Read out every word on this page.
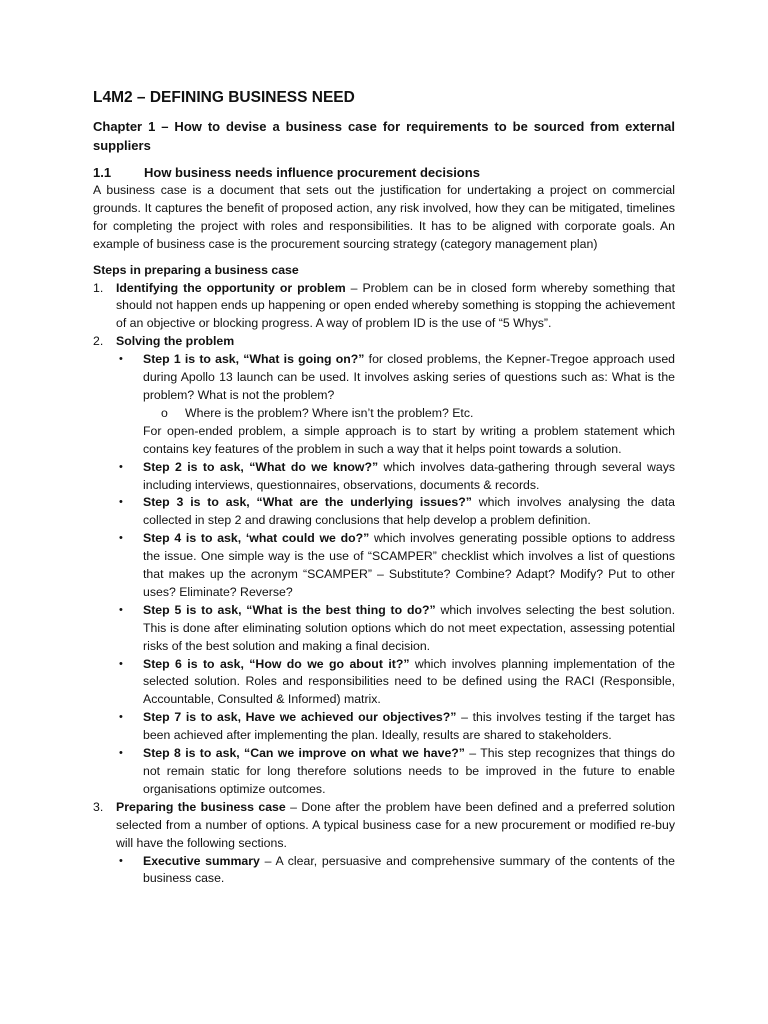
L4M2 – DEFINING BUSINESS NEED

Chapter 1 – How to devise a business case for requirements to be sourced from external suppliers

1.1	How business needs influence procurement decisions

A business case is a document that sets out the justification for undertaking a project on commercial grounds. It captures the benefit of proposed action, any risk involved, how they can be mitigated, timelines for completing the project with roles and responsibilities. It has to be aligned with corporate goals. An example of business case is the procurement sourcing strategy (category management plan)

Steps in preparing a business case
1. Identifying the opportunity or problem – Problem can be in closed form whereby something that should not happen ends up happening or open ended whereby something is stopping the achievement of an objective or blocking progress. A way of problem ID is the use of “5 Whys”.
2. Solving the problem
• Step 1 is to ask, “What is going on?” for closed problems, the Kepner-Tregoe approach used during Apollo 13 launch can be used. It involves asking series of questions such as: What is the problem? What is not the problem?
o Where is the problem? Where isn’t the problem? Etc.

For open-ended problem, a simple approach is to start by writing a problem statement which contains key features of the problem in such a way that it helps point towards a solution.

• Step 2 is to ask, “What do we know?” which involves data-gathering through several ways including interviews, questionnaires, observations, documents & records.
• Step 3 is to ask, “What are the underlying issues?” which involves analysing the data collected in step 2 and drawing conclusions that help develop a problem definition.
• Step 4 is to ask, ‘what could we do?” which involves generating possible options to address the issue. One simple way is the use of “SCAMPER” checklist which involves a list of questions that makes up the acronym “SCAMPER” – Substitute? Combine? Adapt? Modify? Put to other uses? Eliminate? Reverse?
• Step 5 is to ask, “What is the best thing to do?” which involves selecting the best solution. This is done after eliminating solution options which do not meet expectation, assessing potential risks of the best solution and making a final decision.
• Step 6 is to ask, “How do we go about it?” which involves planning implementation of the selected solution. Roles and responsibilities need to be defined using the RACI (Responsible, Accountable, Consulted & Informed) matrix.
• Step 7 is to ask, Have we achieved our objectives?” – this involves testing if the target has been achieved after implementing the plan. Ideally, results are shared to stakeholders.
• Step 8 is to ask, “Can we improve on what we have?” – This step recognizes that things do not remain static for long therefore solutions needs to be improved in the future to enable organisations optimize outcomes.
3. Preparing the business case – Done after the problem have been defined and a preferred solution selected from a number of options. A typical business case for a new procurement or modified re-buy will have the following sections.
• Executive summary – A clear, persuasive and comprehensive summary of the contents of the business case.
